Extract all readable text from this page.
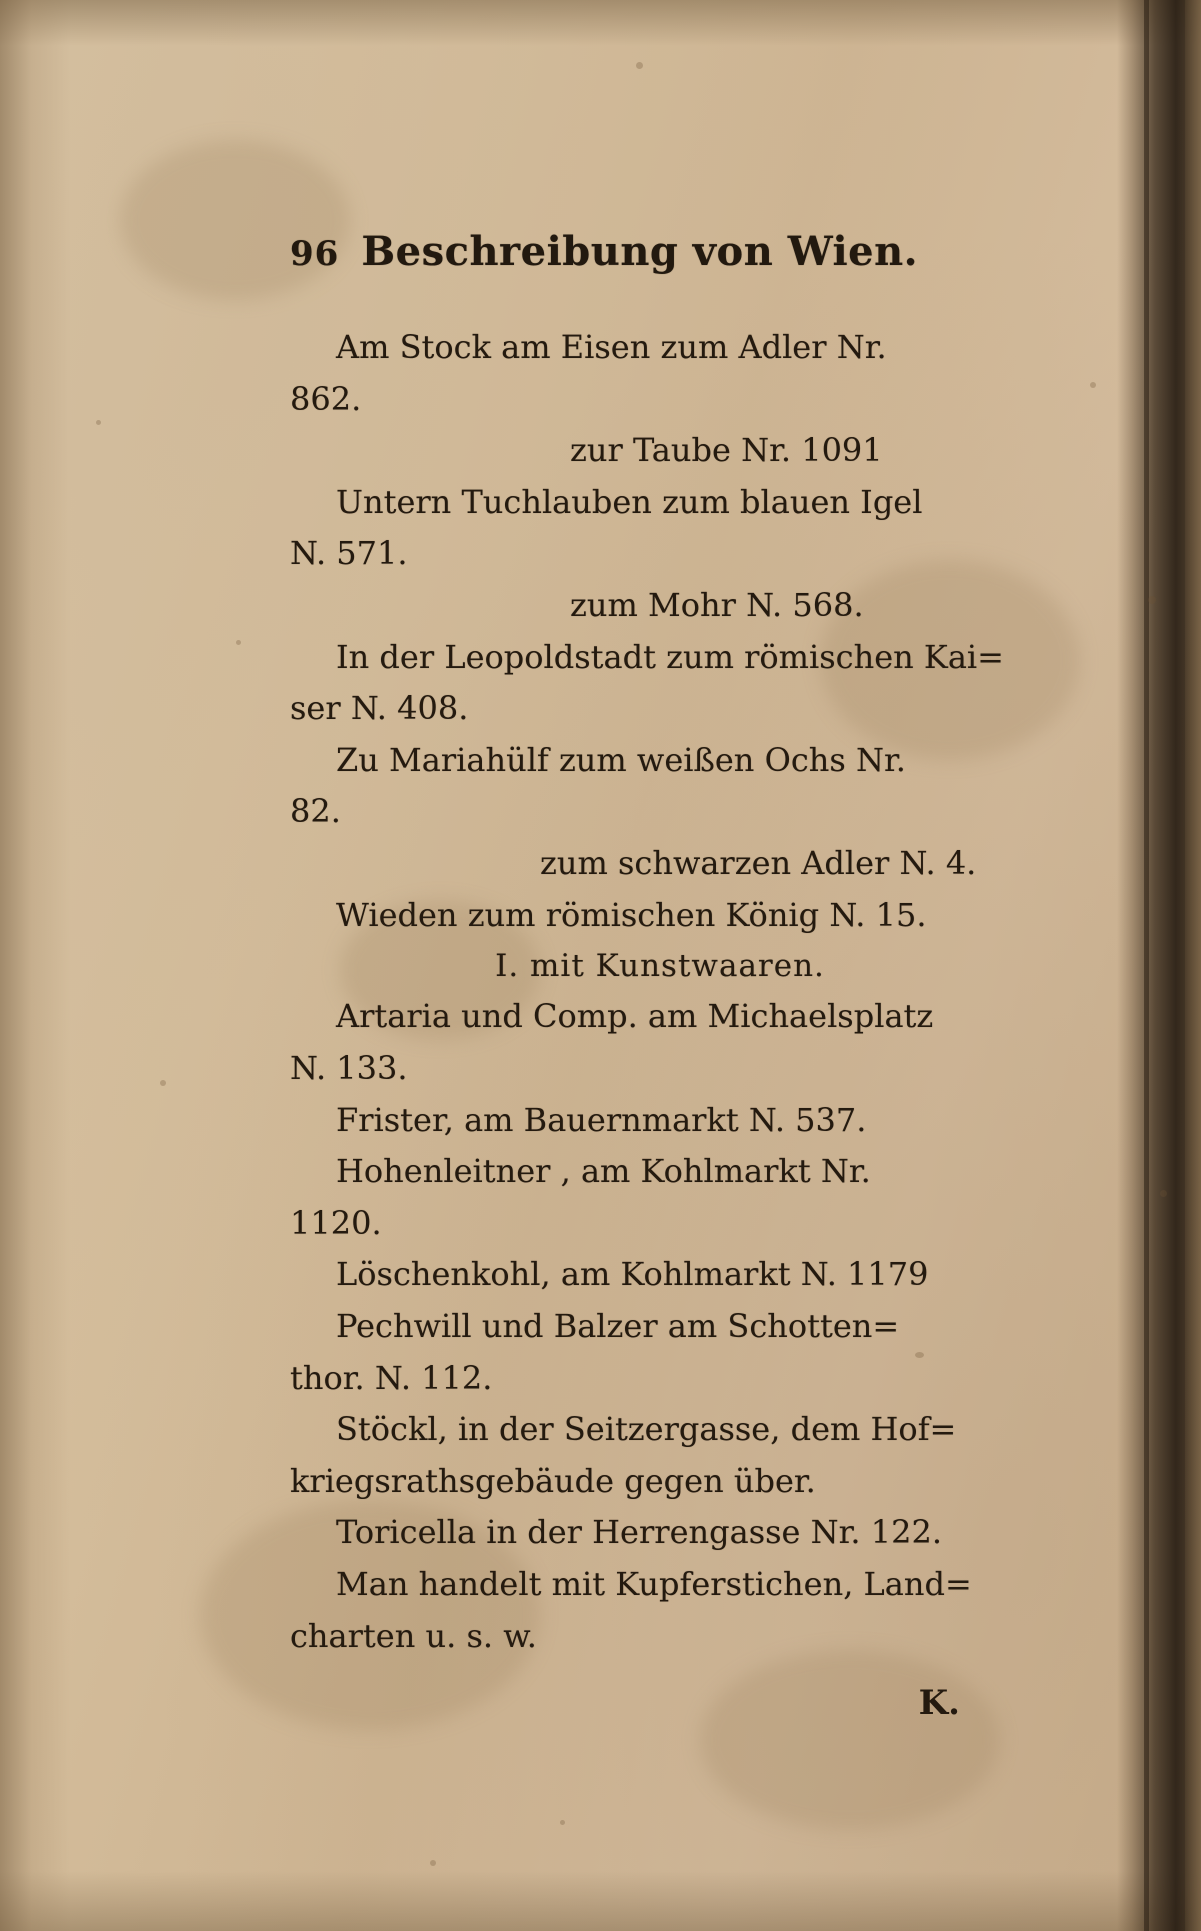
96 Beschreibung von Wien.

Am Stock am Eisen zum Adler Nr.

862.

zur Taube Nr. 1091

Untern Tuchlauben zum blauen Igel

N. 571.

zum Mohr N. 568.

In der Leopoldstadt zum römischen Kai=

ser N. 408.

Zu Mariahülf zum weißen Ochs Nr.

82.

zum schwarzen Adler N. 4.

Wieden zum römischen König N. 15.

I. mit Kunstwaaren.

Artaria und Comp. am Michaelsplatz

N. 133.

Frister, am Bauernmarkt N. 537.

Hohenleitner , am Kohlmarkt Nr.

1120.

Löschenkohl, am Kohlmarkt N. 1179

Pechwill und Balzer am Schotten=

thor. N. 112.

Stöckl, in der Seitzergasse, dem Hof=

kriegsrathsgebäude gegen über.

Toricella in der Herrengasse Nr. 122.

Man handelt mit Kupferstichen, Land=

charten u. s. w.

K.
